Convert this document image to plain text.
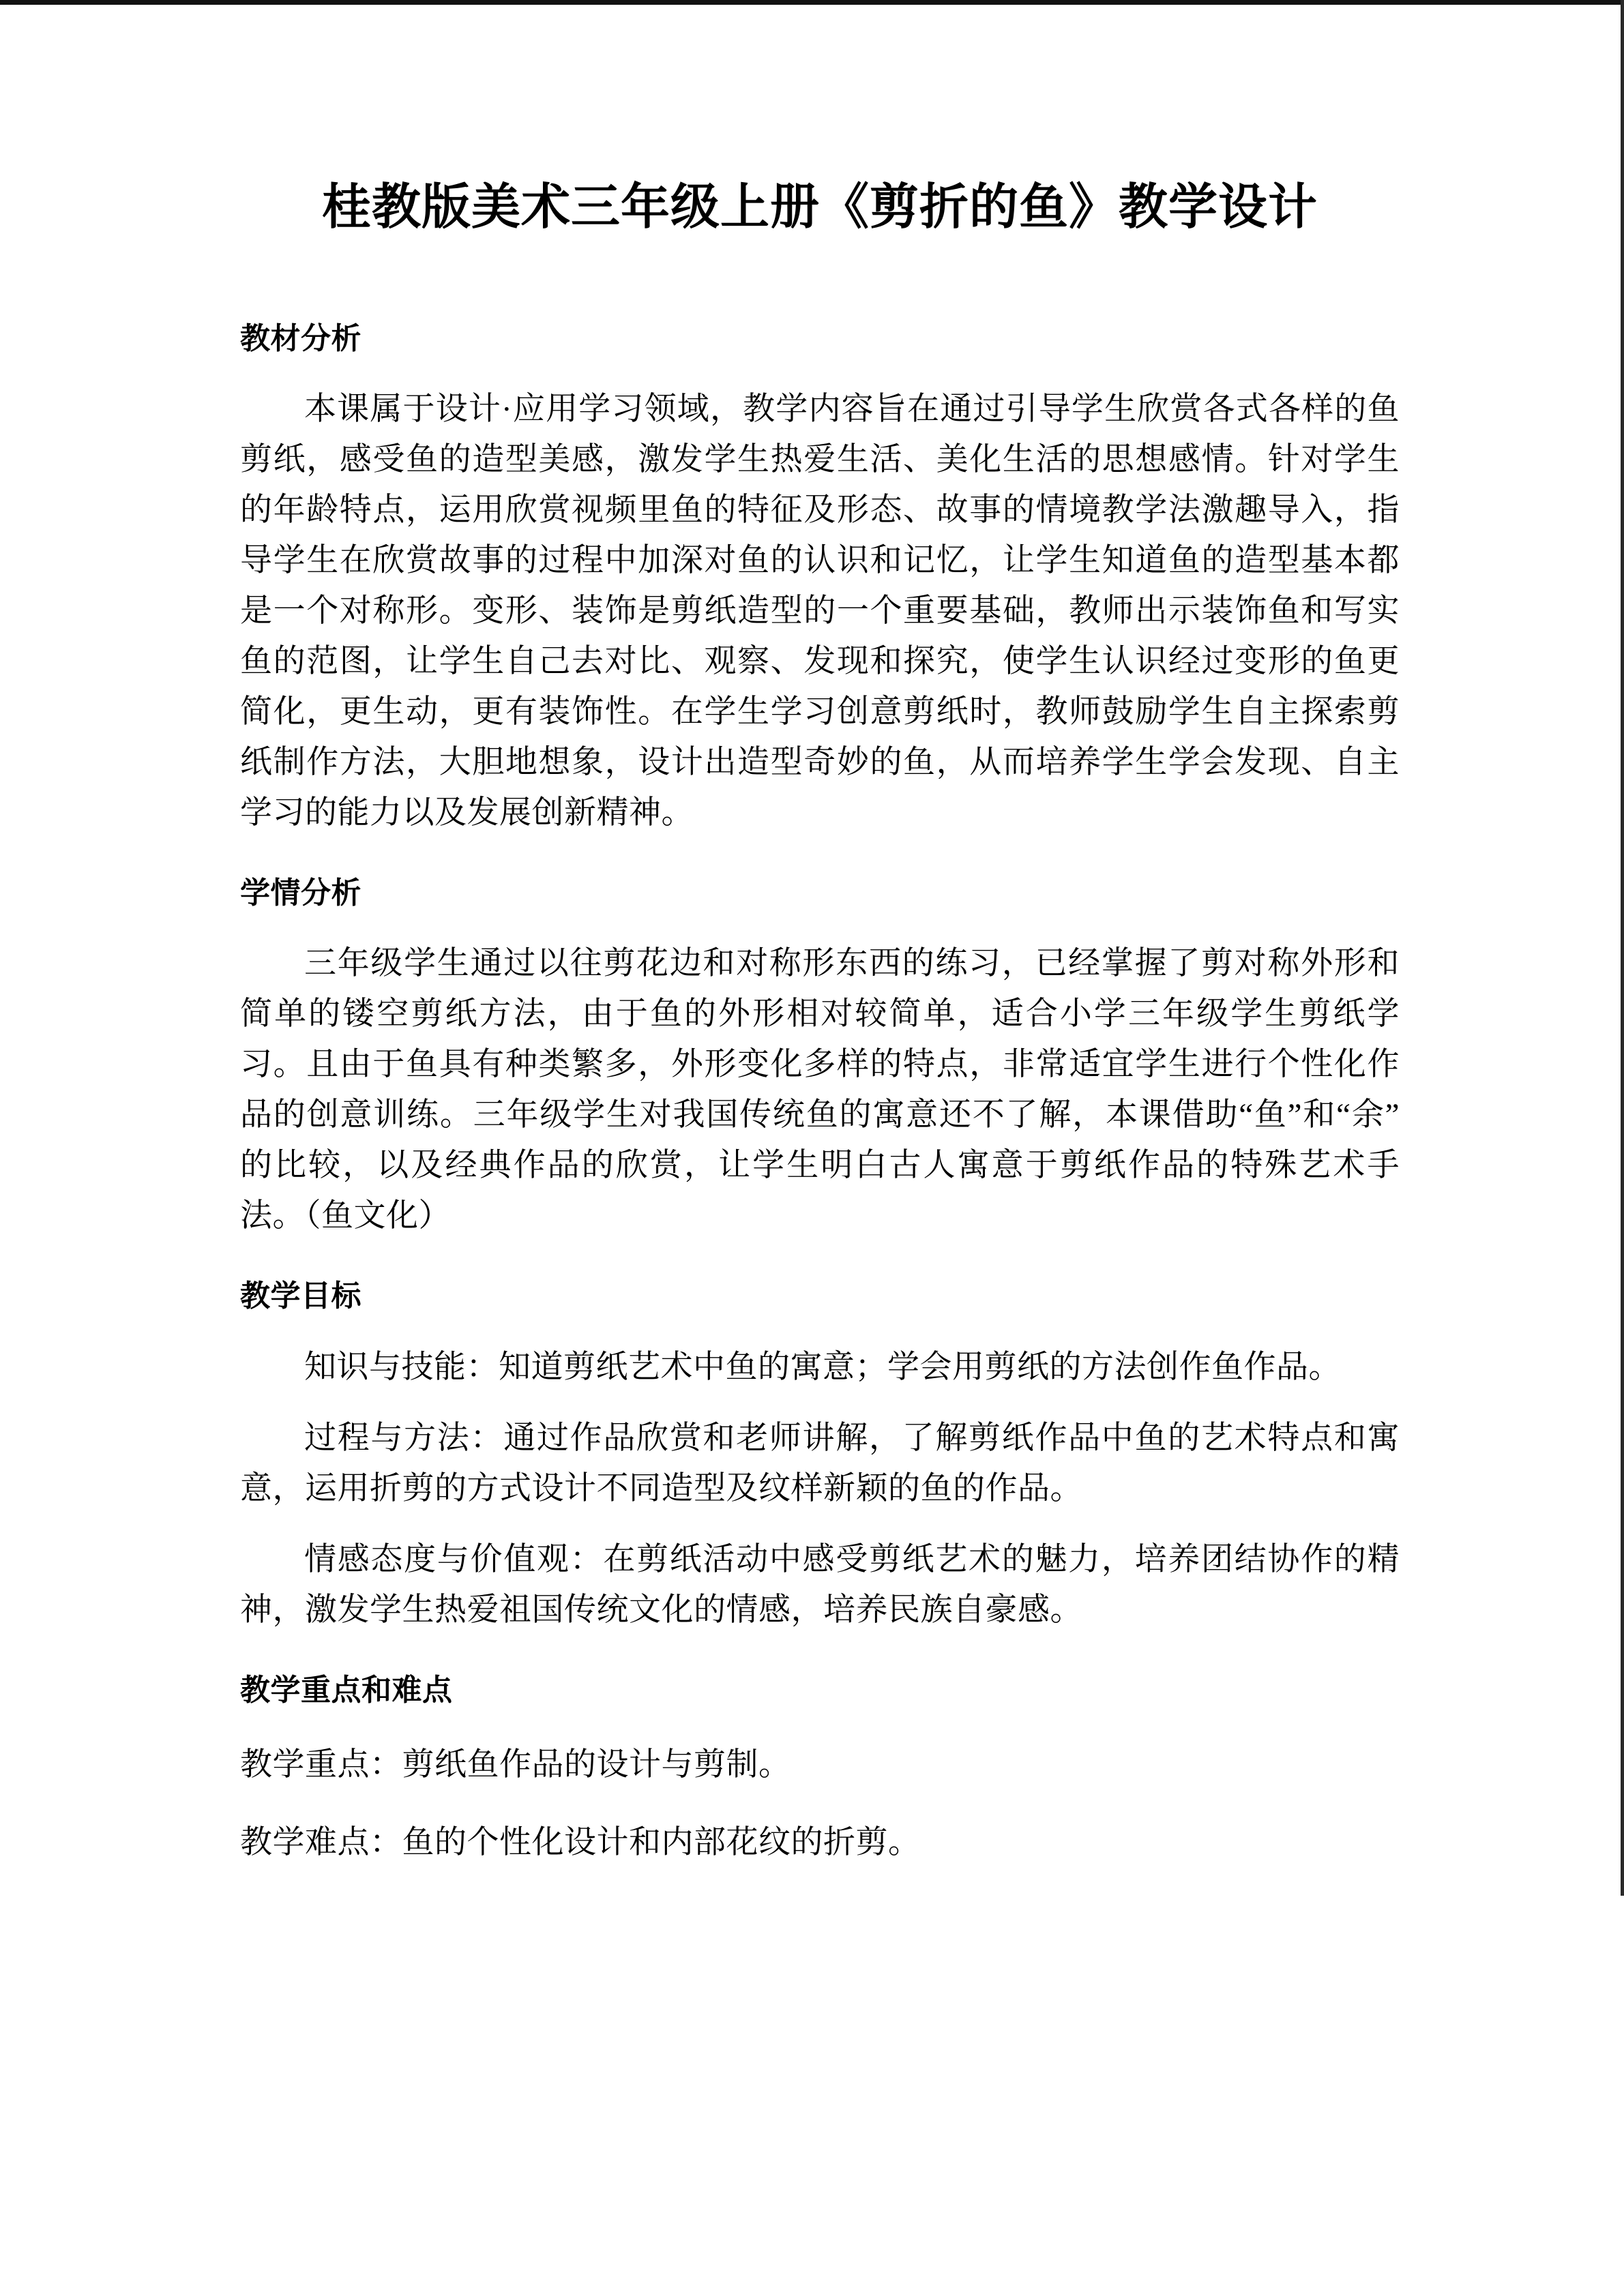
桂教版美术三年级上册《剪折的鱼》教学设计
教材分析

本课属于设计·应用学习领域，教学内容旨在通过引导学生欣赏各式各样的鱼剪纸，感受鱼的造型美感，激发学生热爱生活、美化生活的思想感情。针对学生的年龄特点，运用欣赏视频里鱼的特征及形态、故事的情境教学法激趣导入，指导学生在欣赏故事的过程中加深对鱼的认识和记忆，让学生知道鱼的造型基本都是一个对称形。变形、装饰是剪纸造型的一个重要基础，教师出示装饰鱼和写实鱼的范图，让学生自己去对比、观察、发现和探究，使学生认识经过变形的鱼更简化，更生动，更有装饰性。在学生学习创意剪纸时，教师鼓励学生自主探索剪纸制作方法，大胆地想象，设计出造型奇妙的鱼，从而培养学生学会发现、自主学习的能力以及发展创新精神。

学情分析

三年级学生通过以往剪花边和对称形东西的练习，已经掌握了剪对称外形和简单的镂空剪纸方法，由于鱼的外形相对较简单，适合小学三年级学生剪纸学习。且由于鱼具有种类繁多，外形变化多样的特点，非常适宜学生进行个性化作品的创意训练。三年级学生对我国传统鱼的寓意还不了解，本课借助“鱼”和“余”的比较，以及经典作品的欣赏，让学生明白古人寓意于剪纸作品的特殊艺术手法。（鱼文化）

教学目标

知识与技能：知道剪纸艺术中鱼的寓意；学会用剪纸的方法创作鱼作品。

过程与方法：通过作品欣赏和老师讲解，了解剪纸作品中鱼的艺术特点和寓意，运用折剪的方式设计不同造型及纹样新颖的鱼的作品。

情感态度与价值观：在剪纸活动中感受剪纸艺术的魅力，培养团结协作的精神，激发学生热爱祖国传统文化的情感，培养民族自豪感。

教学重点和难点

教学重点：剪纸鱼作品的设计与剪制。

教学难点：鱼的个性化设计和内部花纹的折剪。
